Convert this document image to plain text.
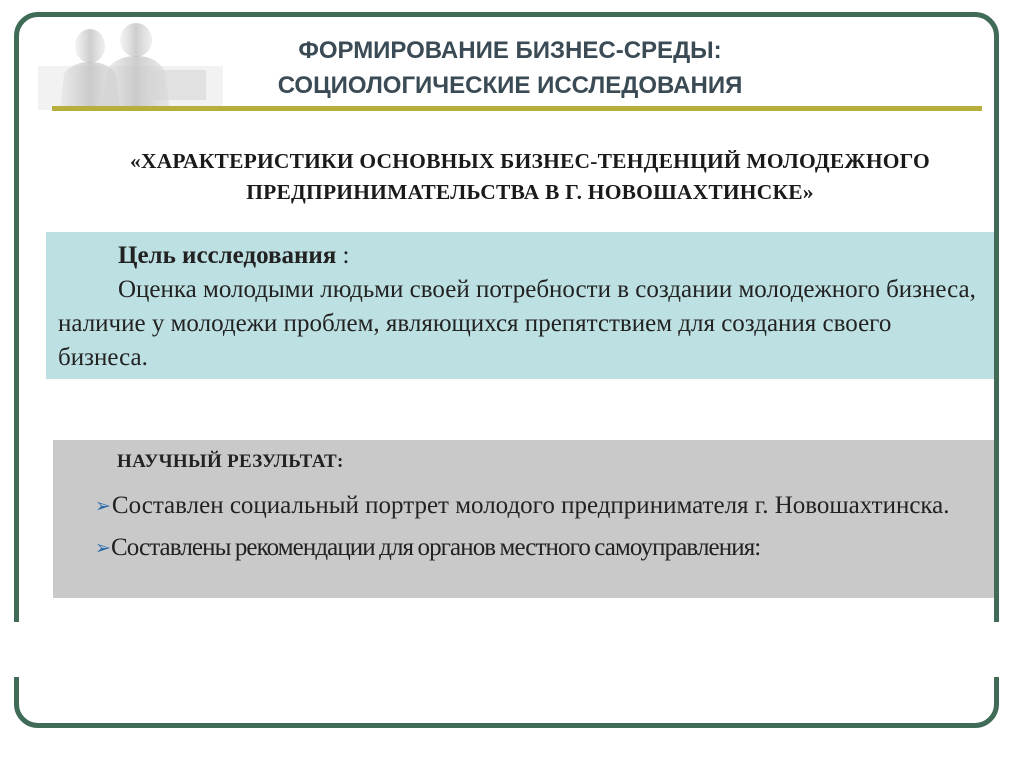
ФОРМИРОВАНИЕ БИЗНЕС-СРЕДЫ:
СОЦИОЛОГИЧЕСКИЕ ИССЛЕДОВАНИЯ
«ХАРАКТЕРИСТИКИ ОСНОВНЫХ БИЗНЕС-ТЕНДЕНЦИЙ МОЛОДЕЖНОГО
ПРЕДПРИНИМАТЕЛЬСТВА В Г. НОВОШАХТИНСКЕ»
Цель исследования :
Оценка молодыми людьми своей потребности в создании молодежного бизнеса, наличие у молодежи проблем, являющихся препятствием для создания своего бизнеса.
НАУЧНЫЙ РЕЗУЛЬТАТ:
➢Составлен социальный портрет молодого предпринимателя г. Новошахтинска.
➢Составлены рекомендации для органов местного самоуправления:
